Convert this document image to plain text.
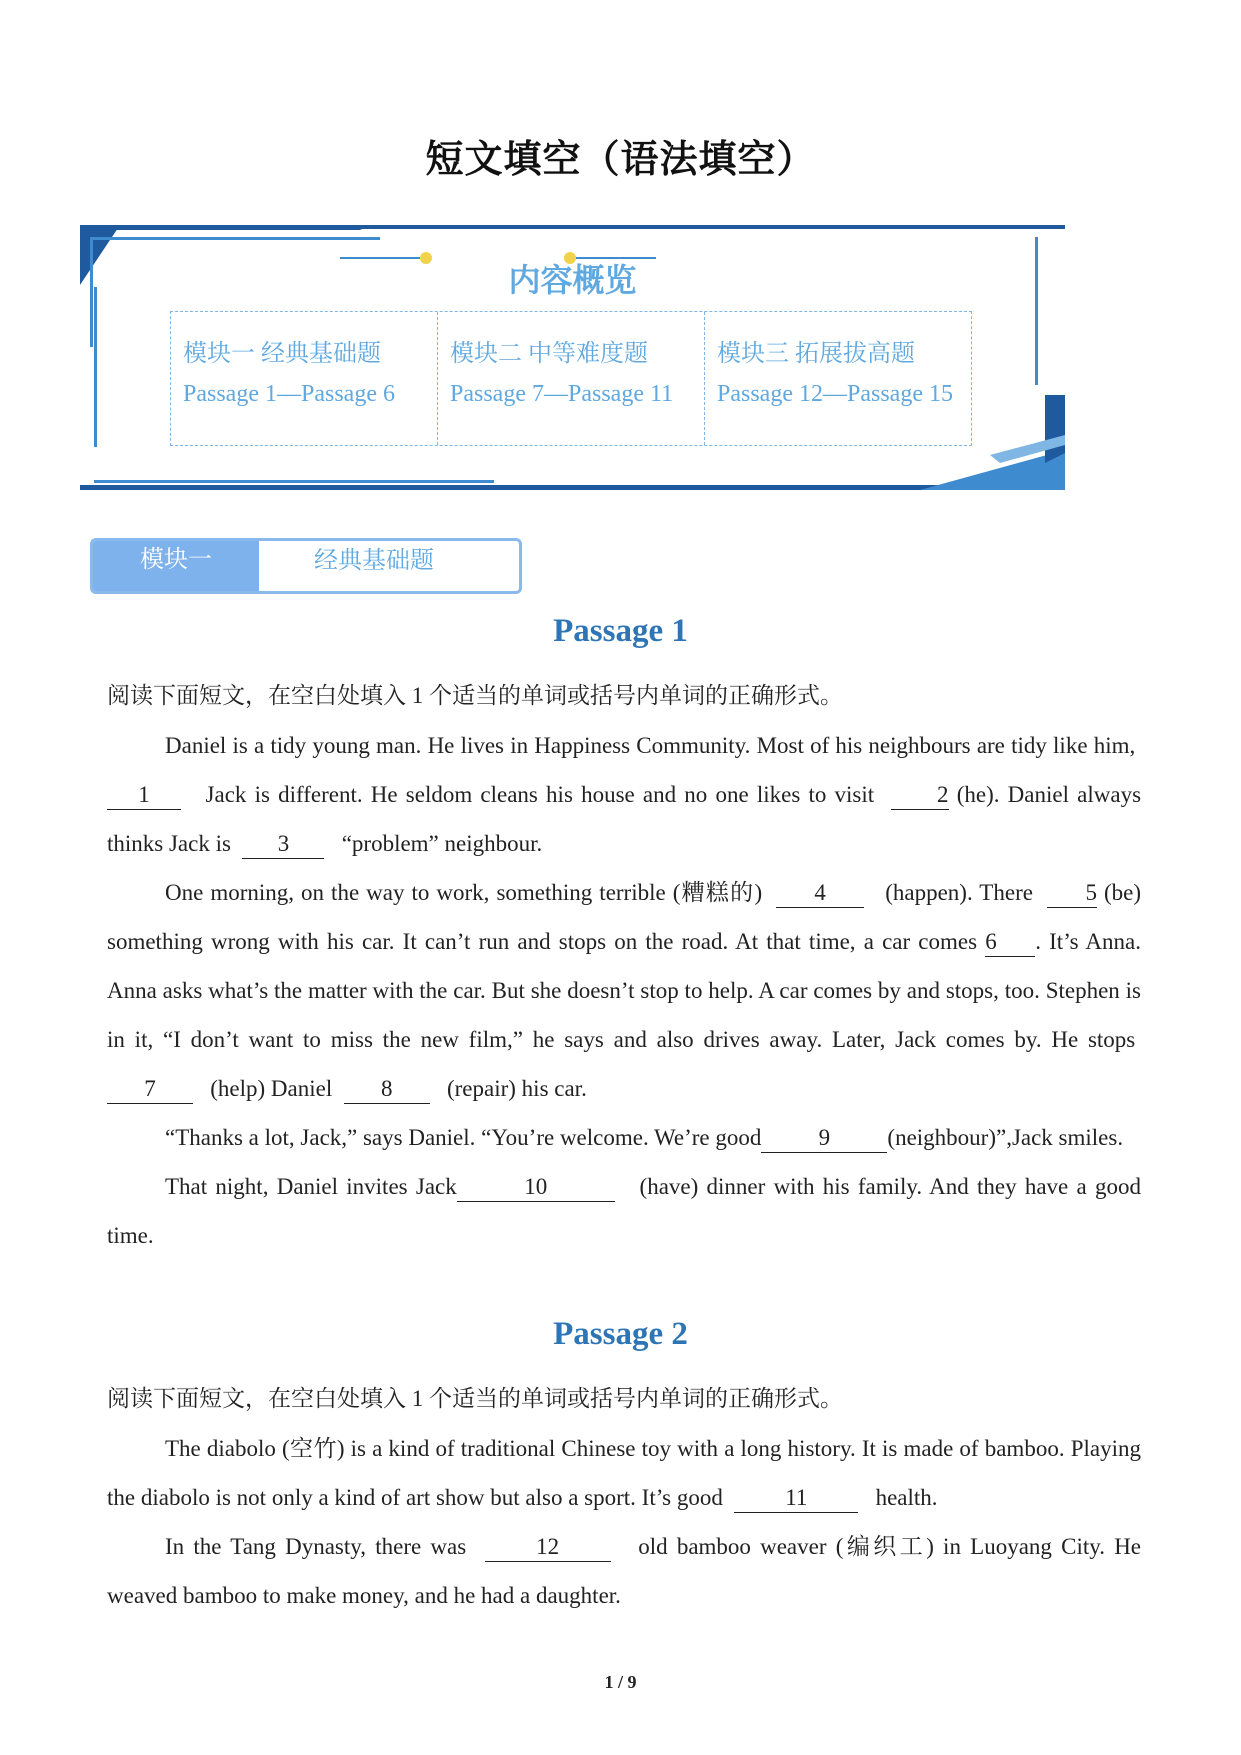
短文填空（语法填空）
内容概览
模块一 经典基础题
Passage 1—Passage 6
模块二 中等难度题
Passage 7—Passage 11
模块三 拓展拔高题
Passage 12—Passage 15
模块一	经典基础题
Passage 1
阅读下面短文，在空白处填入 1 个适当的单词或括号内单词的正确形式。

Daniel is a tidy young man. He lives in Happiness Community. Most of his neighbours are tidy like him,  1 Jack is different. He seldom cleans his house and no one likes to visit	2 (he). Daniel always thinks Jack is 3 “problem” neighbour.

One morning, on the way to work, something terrible (糟糕的) 4	(happen). There 5 (be) something wrong with his car. It can’t run and stops on the road. At that time, a car comes 6 . It’s Anna. Anna asks what’s the matter with the car. But she doesn’t stop to help. A car comes by and stops, too. Stephen is in it, “I don’t want to miss the new film,” he says and also drives away. Later, Jack comes by. He stops  7 (help) Daniel 8 (repair) his car.

“Thanks a lot, Jack,” says Daniel. “You’re welcome. We’re good 9 (neighbour)”,Jack smiles.

That night, Daniel invites Jack	10	(have) dinner with his family. And they have a good time.

Passage 2
阅读下面短文，在空白处填入 1 个适当的单词或括号内单词的正确形式。

The diabolo (空竹) is a kind of traditional Chinese toy with a long history. It is made of bamboo. Playing the diabolo is not only a kind of art show but also a sport. It’s good	11	health.

In the Tang Dynasty, there was	12	old bamboo weaver (编织工) in Luoyang City. He weaved bamboo to make money, and he had a daughter.

1 / 9
